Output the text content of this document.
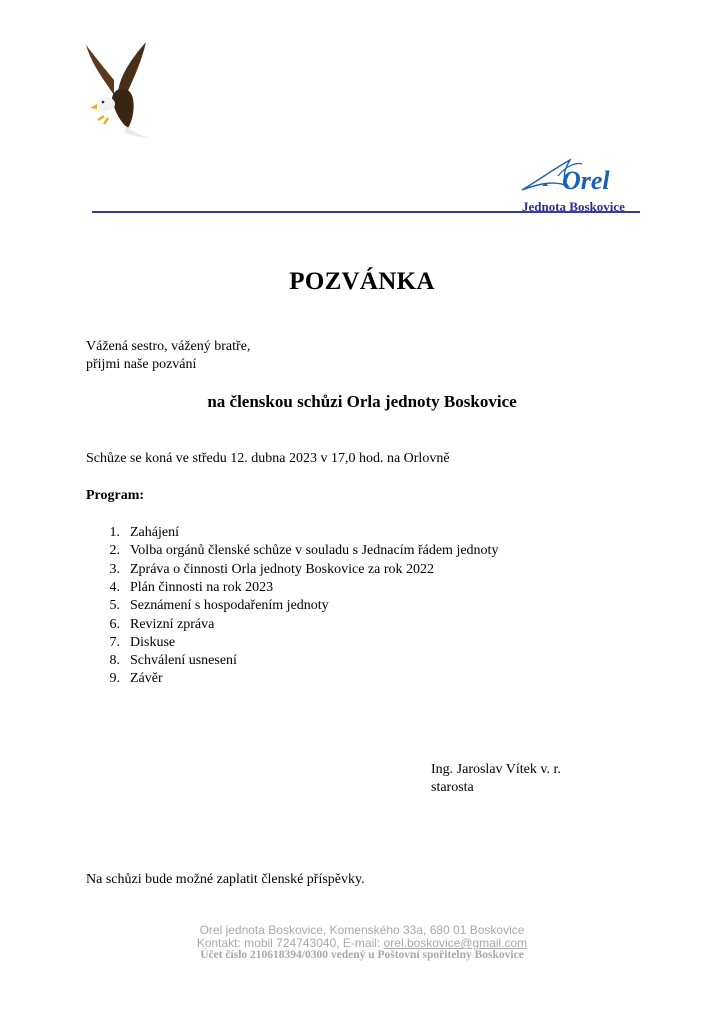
Orel
Jednota Boskovice
POZVÁNKA
Vážená sestro, vážený bratře,
přijmi naše pozvání
na členskou schůzi Orla jednoty Boskovice
Schůze se koná ve středu 12. dubna 2023 v 17,0 hod. na Orlovně
Program:
1. Zahájení
2. Volba orgánů členské schůze v souladu s Jednacím řádem jednoty
3. Zpráva o činnosti Orla jednoty Boskovice za rok 2022
4. Plán činnosti na rok 2023
5. Seznámení s hospodařením jednoty
6. Revizní zpráva
7. Diskuse
8. Schválení usnesení
9. Závěr
Ing. Jaroslav Vítek v. r.
starosta
Na schůzi bude možné zaplatit členské příspěvky.
Orel jednota Boskovice, Komenského 33a, 680 01 Boskovice
Kontakt: mobil 724743040, E-mail: orel.boskovice@gmail.com
Účet číslo 210618394/0300 vedený u Poštovní spořitelny Boskovice
